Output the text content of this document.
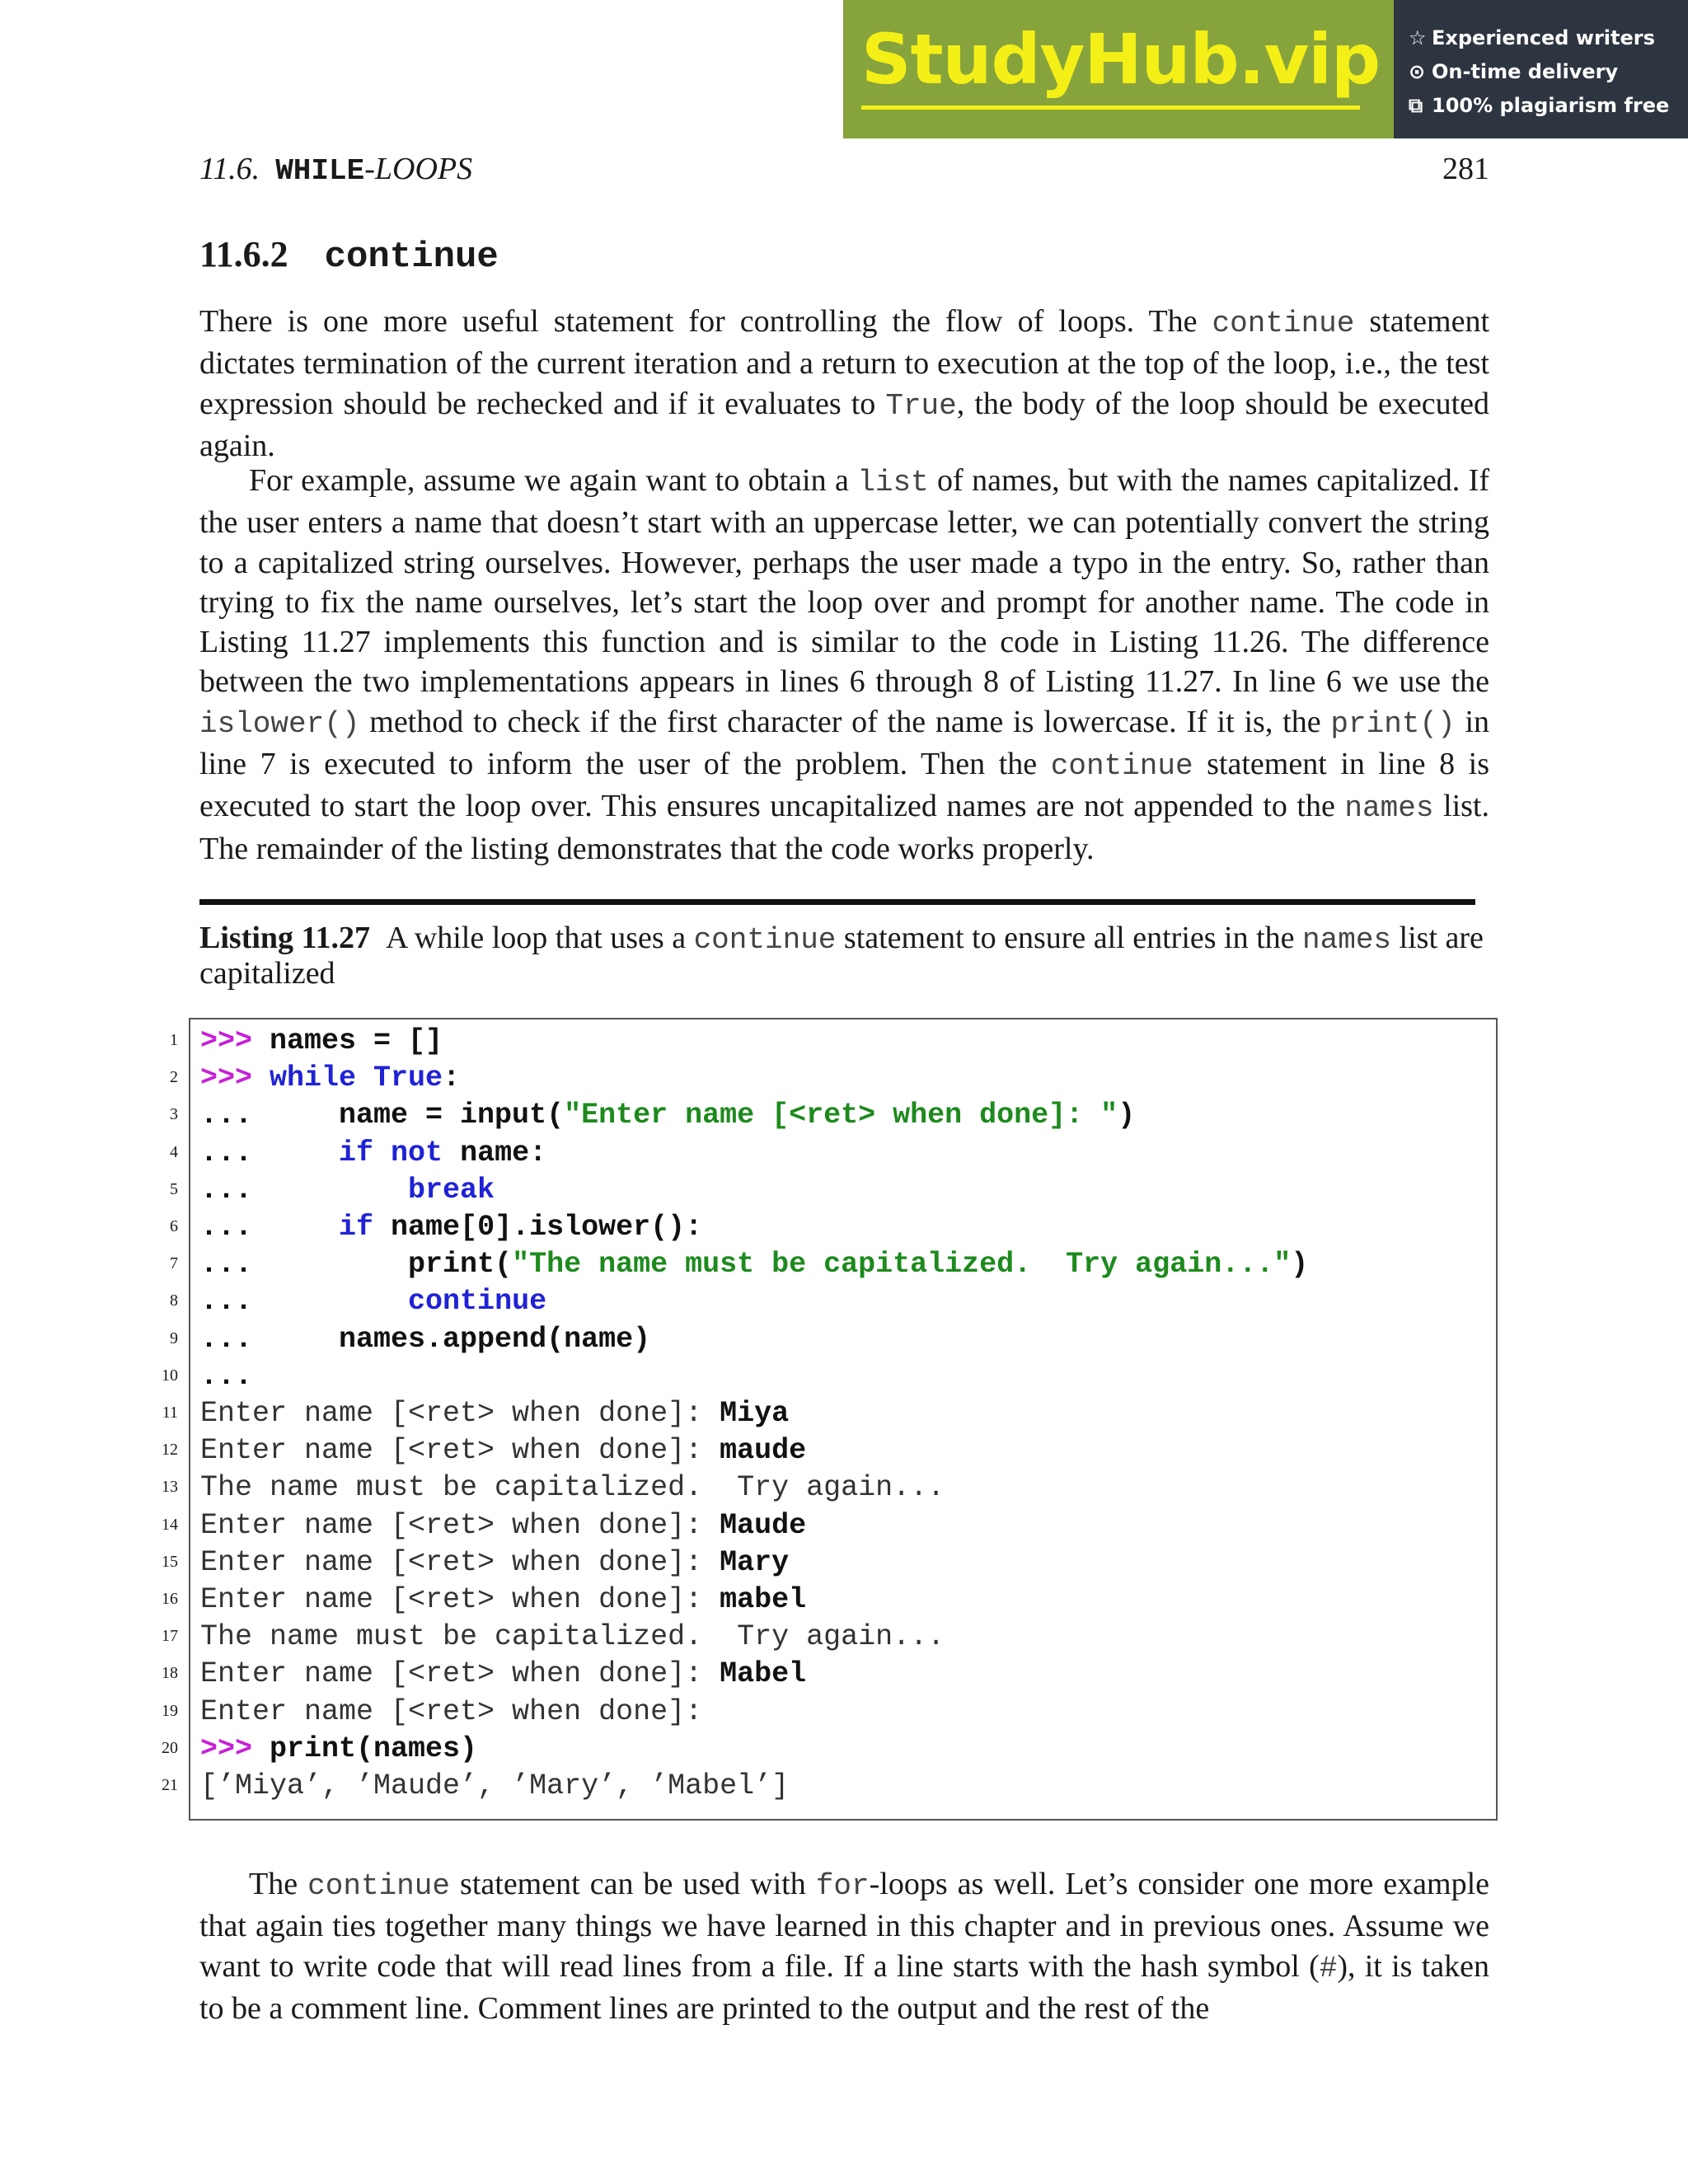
StudyHub.vip ☆ Experienced writers
⊙ On-time delivery
⧉ 100% plagiarism free
11.6. WHILE-LOOPS	281
11.6.2 continue
There is one more useful statement for controlling the flow of loops. The continue statement dictates termination of the current iteration and a return to execution at the top of the loop, i.e., the test expression should be rechecked and if it evaluates to True, the body of the loop should be executed again.
For example, assume we again want to obtain a list of names, but with the names capitalized. If the user enters a name that doesn’t start with an uppercase letter, we can potentially convert the string to a capitalized string ourselves. However, perhaps the user made a typo in the entry. So, rather than trying to fix the name ourselves, let’s start the loop over and prompt for another name. The code in Listing 11.27 implements this function and is similar to the code in Listing 11.26. The difference between the two implementations appears in lines 6 through 8 of Listing 11.27. In line 6 we use the islower() method to check if the first character of the name is lowercase. If it is, the print() in line 7 is executed to inform the user of the problem. Then the continue statement in line 8 is executed to start the loop over. This ensures uncapitalized names are not appended to the names list. The remainder of the listing demonstrates that the code works properly.
Listing 11.27 A while loop that uses a continue statement to ensure all entries in the names list are capitalized
1 >>> names = []
2 >>> while True:
3 ...     name = input("Enter name [<ret> when done]: ")
4 ...     if not name:
5 ...         break
6 ...     if name[0].islower():
7 ...         print("The name must be capitalized.  Try again...")
8 ...         continue
9 ...     names.append(name)
10 ...
11 Enter name [<ret> when done]: Miya
12 Enter name [<ret> when done]: maude
13 The name must be capitalized.  Try again...
14 Enter name [<ret> when done]: Maude
15 Enter name [<ret> when done]: Mary
16 Enter name [<ret> when done]: mabel
17 The name must be capitalized.  Try again...
18 Enter name [<ret> when done]: Mabel
19 Enter name [<ret> when done]:
20 >>> print(names)
21 [’Miya’, ’Maude’, ’Mary’, ’Mabel’]
The continue statement can be used with for-loops as well. Let’s consider one more example that again ties together many things we have learned in this chapter and in previous ones. Assume we want to write code that will read lines from a file. If a line starts with the hash symbol (#), it is taken to be a comment line. Comment lines are printed to the output and the rest of the
